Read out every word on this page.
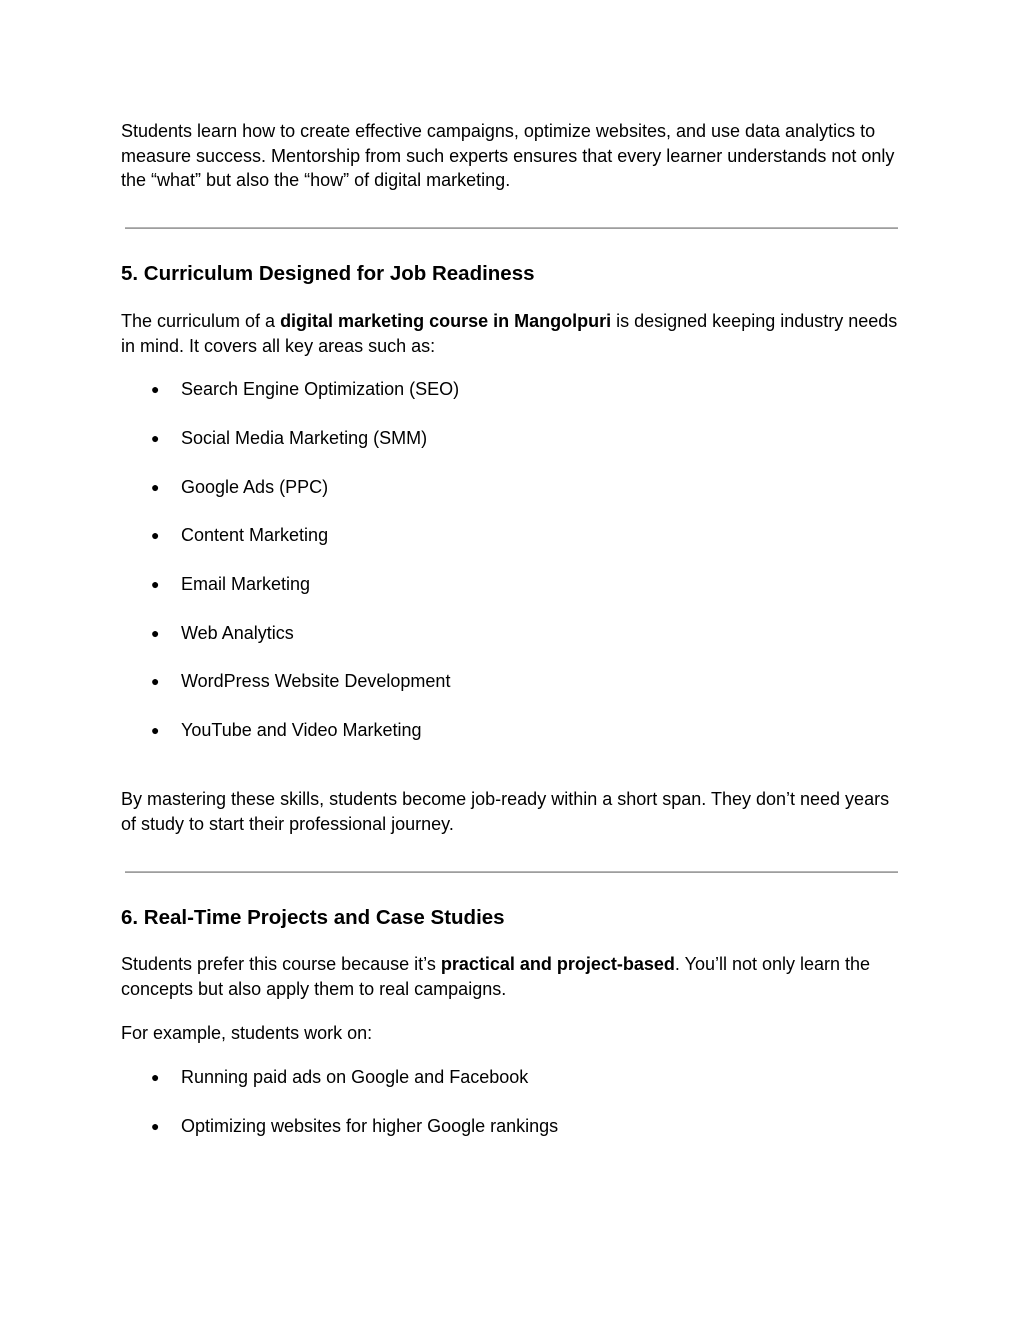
Students learn how to create effective campaigns, optimize websites, and use data analytics to measure success. Mentorship from such experts ensures that every learner understands not only the “what” but also the “how” of digital marketing.

5. Curriculum Designed for Job Readiness

The curriculum of a digital marketing course in Mangolpuri is designed keeping industry needs in mind. It covers all key areas such as:

●	Search Engine Optimization (SEO)
●	Social Media Marketing (SMM)
●	Google Ads (PPC)
●	Content Marketing
●	Email Marketing
●	Web Analytics
●	WordPress Website Development
●	YouTube and Video Marketing

By mastering these skills, students become job-ready within a short span. They don’t need years of study to start their professional journey.

6. Real-Time Projects and Case Studies

Students prefer this course because it’s practical and project-based. You’ll not only learn the concepts but also apply them to real campaigns.

For example, students work on:

●	Running paid ads on Google and Facebook
●	Optimizing websites for higher Google rankings
